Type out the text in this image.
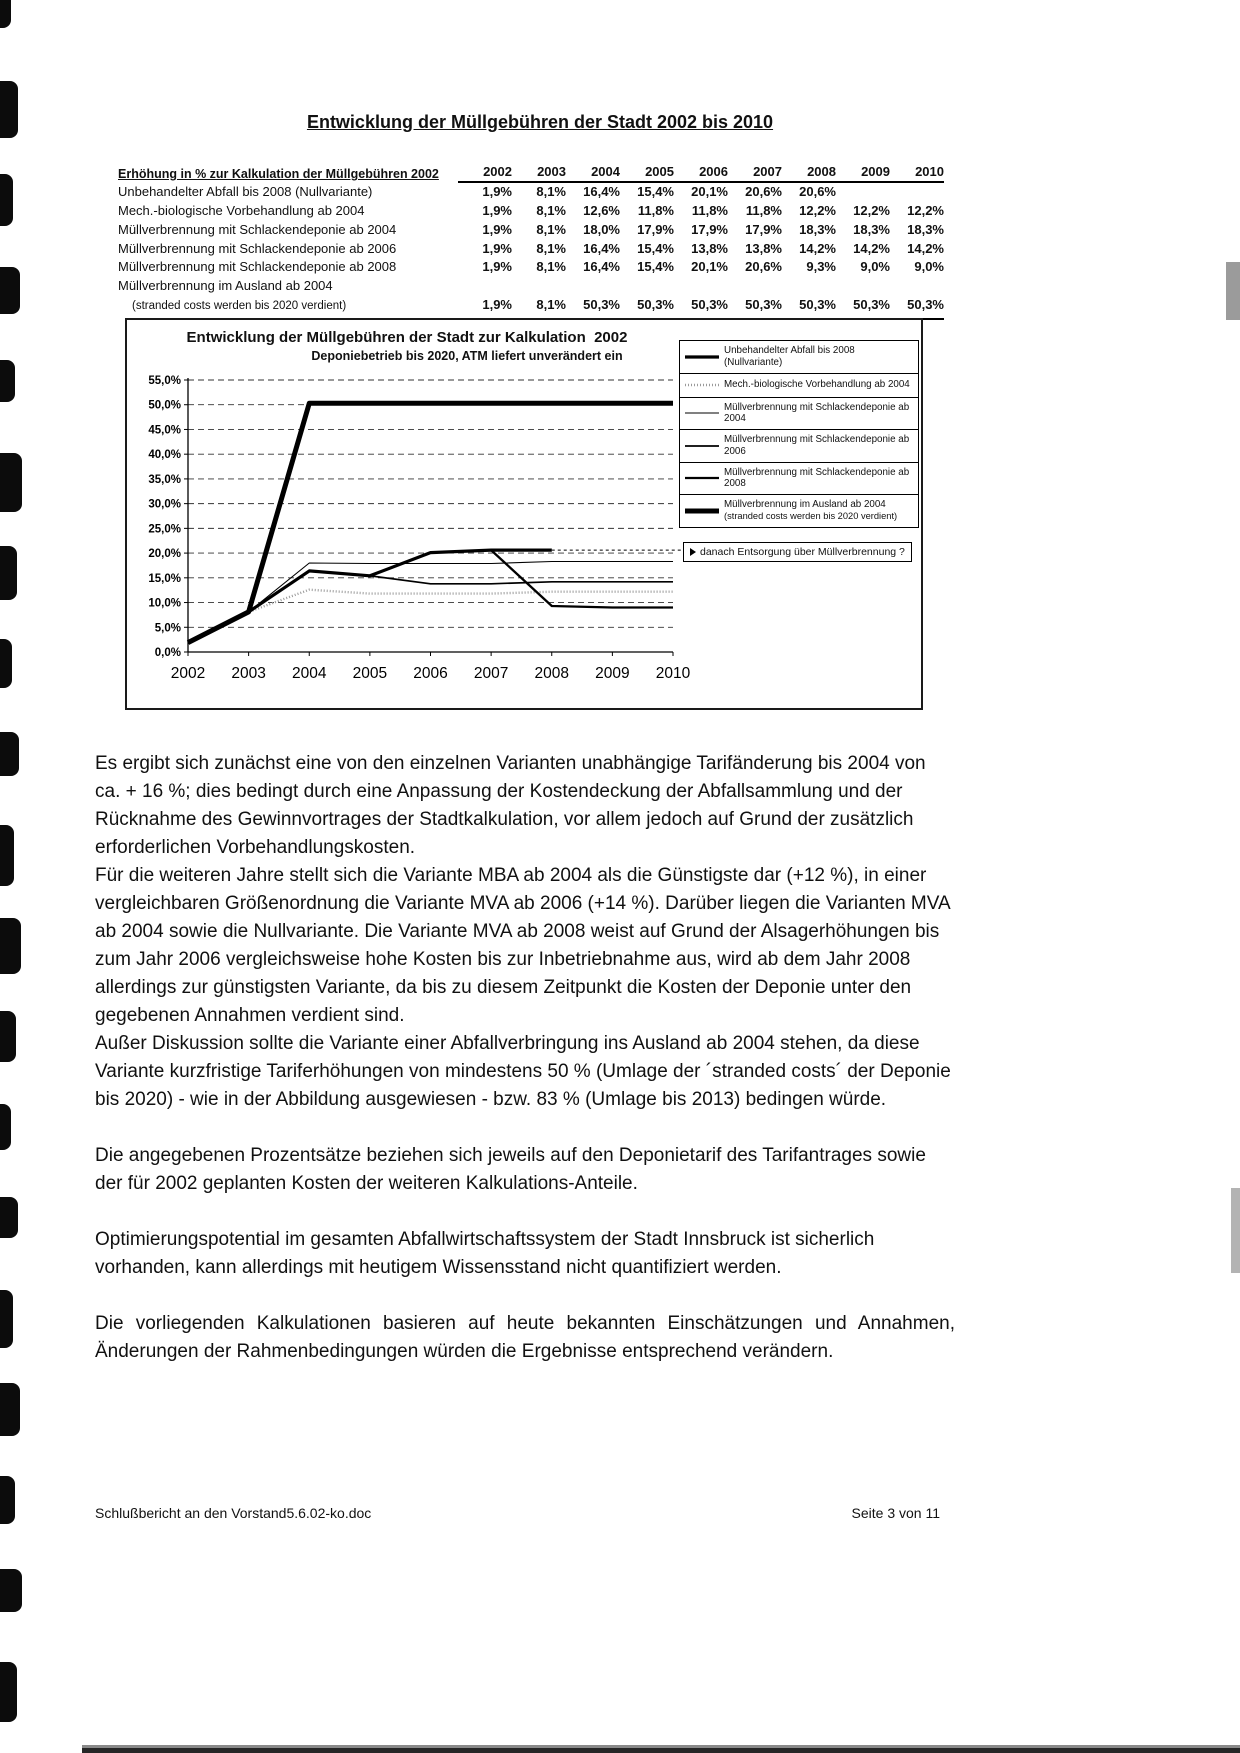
Entwicklung der Müllgebühren der Stadt 2002 bis 2010
Erhöhung in % zur Kalkulation der Müllgebühren 2002	2002	2003	2004	2005	2006	2007	2008	2009	2010
Unbehandelter Abfall bis 2008 (Nullvariante)	1,9%	8,1%	16,4%	15,4%	20,1%	20,6%	20,6%
Mech.-biologische Vorbehandlung ab 2004	1,9%	8,1%	12,6%	11,8%	11,8%	11,8%	12,2%	12,2%	12,2%
Müllverbrennung mit Schlackendeponie ab 2004	1,9%	8,1%	18,0%	17,9%	17,9%	17,9%	18,3%	18,3%	18,3%
Müllverbrennung mit Schlackendeponie ab 2006	1,9%	8,1%	16,4%	15,4%	13,8%	13,8%	14,2%	14,2%	14,2%
Müllverbrennung mit Schlackendeponie ab 2008	1,9%	8,1%	16,4%	15,4%	20,1%	20,6%	9,3%	9,0%	9,0%
Müllverbrennung im Ausland ab 2004
(stranded costs werden bis 2020 verdient)	1,9%	8,1%	50,3%	50,3%	50,3%	50,3%	50,3%	50,3%	50,3%
Entwicklung der Müllgebühren der Stadt zur Kalkulation  2002
Deponiebetrieb bis 2020, ATM liefert unverändert ein
0,0%
5,0%
10,0%
15,0%
20,0%
25,0%
30,0%
35,0%
40,0%
45,0%
50,0%
55,0%
2002 2003 2004 2005 2006 2007 2008 2009 2010
Unbehandelter Abfall bis 2008 (Nullvariante)
Mech.-biologische Vorbehandlung ab 2004
Müllverbrennung mit Schlackendeponie ab 2004
Müllverbrennung mit Schlackendeponie ab 2006
Müllverbrennung mit Schlackendeponie ab 2008
Müllverbrennung im Ausland ab 2004
(stranded costs werden bis 2020 verdient)
danach Entsorgung über Müllverbrennung ?

Es ergibt sich zunächst eine von den einzelnen Varianten unabhängige Tarifänderung bis 2004 von ca. + 16 %; dies bedingt durch eine Anpassung der Kostendeckung der Abfallsammlung und der Rücknahme des Gewinnvortrages der Stadtkalkulation, vor allem jedoch auf Grund der zusätzlich erforderlichen Vorbehandlungskosten.

Für die weiteren Jahre stellt sich die Variante MBA ab 2004 als die Günstigste dar (+12 %), in einer vergleichbaren Größenordnung die Variante MVA ab 2006 (+14 %). Darüber liegen die Varianten MVA ab 2004 sowie die Nullvariante. Die Variante MVA ab 2008 weist auf Grund der Alsagerhöhungen bis zum Jahr 2006 vergleichsweise hohe Kosten bis zur Inbetriebnahme aus, wird ab dem Jahr 2008 allerdings zur günstigsten Variante, da bis zu diesem Zeitpunkt die Kosten der Deponie unter den gegebenen Annahmen verdient sind.

Außer Diskussion sollte die Variante einer Abfallverbringung ins Ausland ab 2004 stehen, da diese Variante kurzfristige Tariferhöhungen von mindestens 50 % (Umlage der ´stranded costs´ der Deponie bis 2020) - wie in der Abbildung ausgewiesen - bzw. 83 % (Umlage bis 2013) bedingen würde.

Die angegebenen Prozentsätze beziehen sich jeweils auf den Deponietarif des Tarifantrages sowie der für 2002 geplanten Kosten der weiteren Kalkulations-Anteile.

Optimierungspotential im gesamten Abfallwirtschaftssystem der Stadt Innsbruck ist sicherlich vorhanden, kann allerdings mit heutigem Wissensstand nicht quantifiziert werden.

Die vorliegenden Kalkulationen basieren auf heute bekannten Einschätzungen und Annahmen, Änderungen der Rahmenbedingungen würden die Ergebnisse entsprechend verändern.

Schlußbericht an den Vorstand5.6.02-ko.doc	Seite 3 von 11
